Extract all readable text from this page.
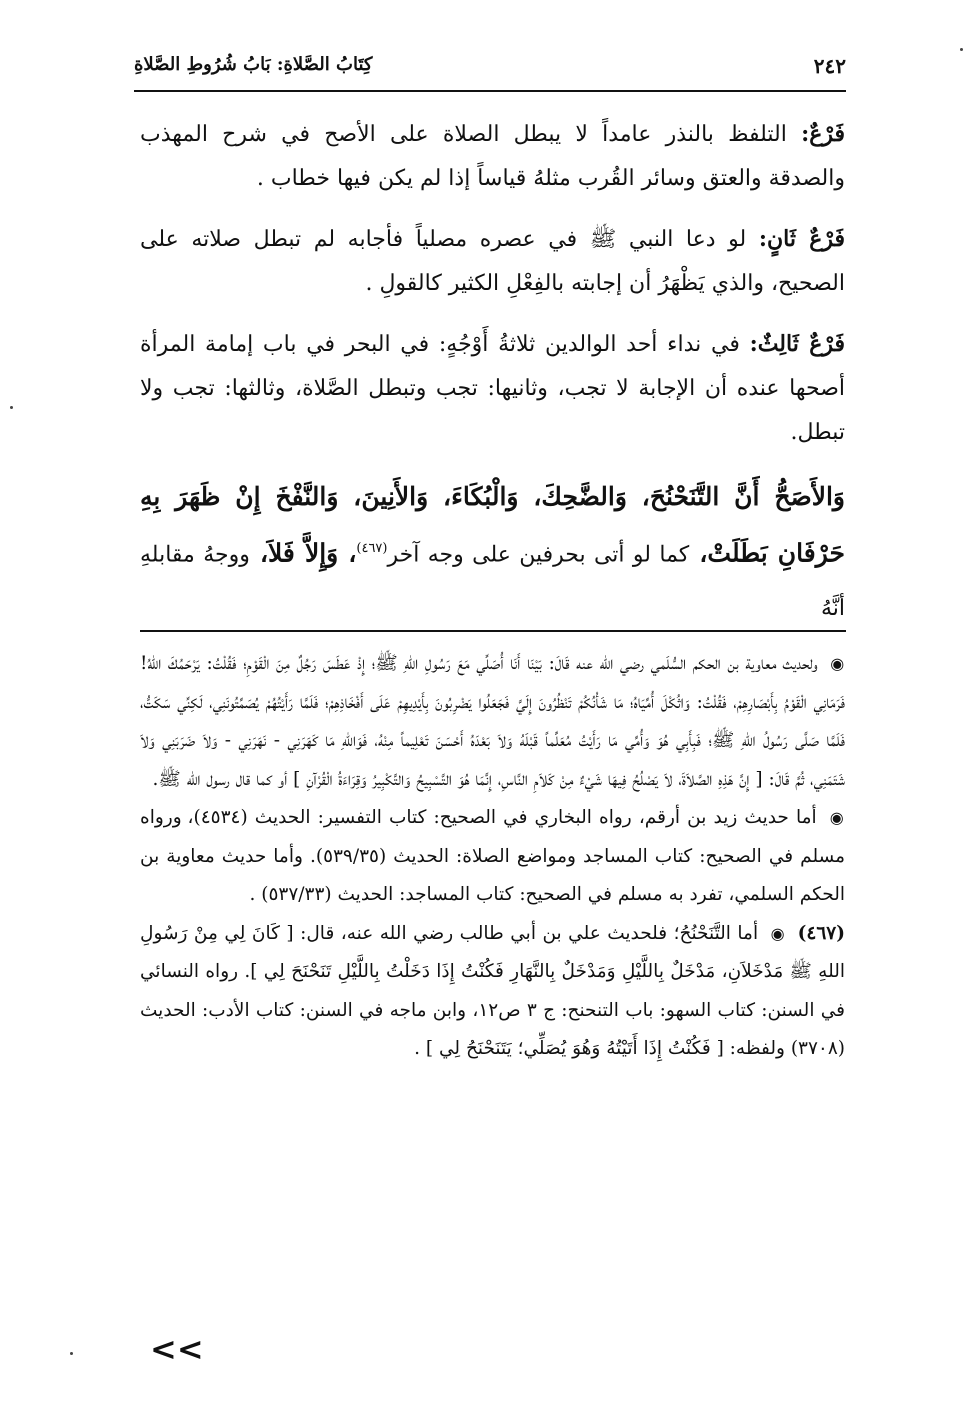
٢٤٢
كِتَابُ الصَّلاةِ: بَابُ شُرُوطِ الصَّلاةِ

فَرْعٌ: التلفظ بالنذر عامداً لا يبطل الصلاة على الأصح في شرح المهذب والصدقة والعتق وسائر القُرب مثلهُ قياساً إذا لم يكن فيها خطاب .

فَرْعٌ ثَانٍ: لو دعا النبي ﷺ في عصره مصلياً فأجابه لم تبطل صلاته على الصحيح، والذي يَظْهَرُ أن إجابته بالفِعْلِ الكثير كالقولِ .

فَرْعٌ ثَالِثٌ: في نداء أحد الوالدين ثلاثةُ أَوْجُهٍ: في البحر في باب إمامة المرأة أصحها عنده أن الإجابة لا تجب، وثانيها: تجب وتبطل الصَّلاة، وثالثها: تجب ولا تبطل.

وَالأَصَحُّ أَنَّ التَّنَحْنُحَ، وَالضَّحِكَ، وَالْبُكَاءَ، وَالأَنِينَ، وَالنَّفْخَ إِنْ ظَهَرَ بِهِ حَرْفَانِ بَطَلَتْ، كما لو أتى بحرفين على وجه آخر$^{(٤٦٧)}$، وَإِلاَّ فَلاَ، ووجهُ مقابلهِ أنَّهُ

◉ ولحديث معاوية بن الحكم السُّلَمي رضي الله عنه قَالَ: بَيْنَا أَنَا أُصَلِّي مَعَ رَسُولِ اللهِ ﷺ؛ إِذْ عَطَسَ رَجُلٌ مِنَ الْقَوْمِ؛ فَقُلْتُ: يَرْحَمُكَ اللهُ! فَرَمَانِي الْقَوْمُ بِأَبْصَارِهِمْ، فَقُلْتُ: وَاثُكْلَ أُمِّيَاهُ؛ مَا شَأْنُكُمْ تَنْظُرُونَ إِلَيَّ فَجَعَلُوا يَضْرِبُونَ بِأَيْدِيهِمْ عَلَى أَفْخَاذِهِمْ؛ فَلَمَّا رَأَيْتُهُمْ يُصَمِّتُونَنِي، لَكِنِّي سَكَتُّ، فَلَمَّا صَلَّى رَسُولُ اللهِ ﷺ؛ فَبِأَبِي هُوَ وَأُمِّي مَا رَأَيْتُ مُعَلِّماً قَبْلَهُ وَلاَ بَعْدَهُ أَحْسَنَ تَعْلِيماً مِنْهُ، فَوَاللهِ مَا كَهَرَنِي - نَهَرَنِي - وَلاَ ضَرَبَنِي وَلاَ شَتَمَنِي، ثُمَّ قَالَ: [ إِنَّ هَذِهِ الصَّلاَةَ، لاَ يَصْلُحُ فِيهَا شَيْءٌ مِنْ كَلاَمِ النَّاسِ، إِنَّمَا هُوَ التَّسْبِيحُ وَالتَّكْبِيرُ وَقِرَاءَةُ الْقُرْآنِ ] أو كما قال رسول الله ﷺ.

◉ أما حديث زيد بن أرقم، رواه البخاري في الصحيح: كتاب التفسير: الحديث (٤٥٣٤)، ورواه مسلم في الصحيح: كتاب المساجد ومواضع الصلاة: الحديث (٥٣٩/٣٥). وأما حديث معاوية بن الحكم السلمي، تفرد به مسلم في الصحيح: كتاب المساجد: الحديث (٥٣٧/٣٣) .

(٤٦٧) ◉ أما التَّنَحْنُحُ؛ فلحديث علي بن أبي طالب رضي الله عنه، قال: [ كَانَ لِي مِنْ رَسُولِ اللهِ ﷺ مَدْخَلاَنِ، مَدْخَلٌ بِاللَّيْلِ وَمَدْخَلٌ بِالنَّهَارِ فَكُنْتُ إِذَا دَخَلْتُ بِاللَّيْلِ تَنَحْنَحَ لِي ]. رواه النسائي في السنن: كتاب السهو: باب التنحنح: ج ٣ ص١٢، وابن ماجه في السنن: كتاب الأدب: الحديث (٣٧٠٨) ولفظه: [ فَكُنْتُ إِذَا أَتَيْتُهُ وَهُوَ يُصَلِّي؛ يَتَنَحْنَحُ لِي ] .

<<
